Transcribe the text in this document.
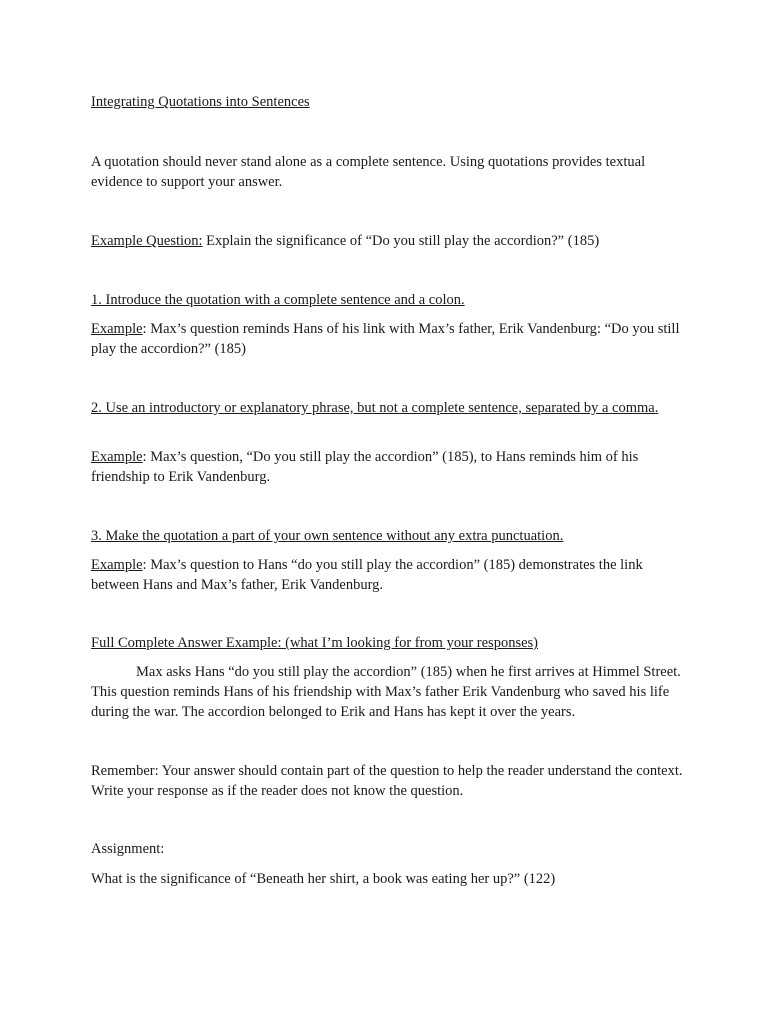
Integrating Quotations into Sentences

A quotation should never stand alone as a complete sentence. Using quotations provides textual evidence to support your answer.

Example Question: Explain the significance of “Do you still play the accordion?” (185)

1. Introduce the quotation with a complete sentence and a colon.

Example: Max’s question reminds Hans of his link with Max’s father, Erik Vandenburg: “Do you still play the accordion?” (185)

2. Use an introductory or explanatory phrase, but not a complete sentence, separated by a comma.

Example: Max’s question, “Do you still play the accordion” (185), to Hans reminds him of his friendship to Erik Vandenburg.

3. Make the quotation a part of your own sentence without any extra punctuation.

Example: Max’s question to Hans “do you still play the accordion” (185) demonstrates the link between Hans and Max’s father, Erik Vandenburg.

Full Complete Answer Example: (what I’m looking for from your responses)

Max asks Hans “do you still play the accordion” (185) when he first arrives at Himmel Street. This question reminds Hans of his friendship with Max’s father Erik Vandenburg who saved his life during the war. The accordion belonged to Erik and Hans has kept it over the years.

Remember: Your answer should contain part of the question to help the reader understand the context. Write your response as if the reader does not know the question.

Assignment:

What is the significance of “Beneath her shirt, a book was eating her up?” (122)
